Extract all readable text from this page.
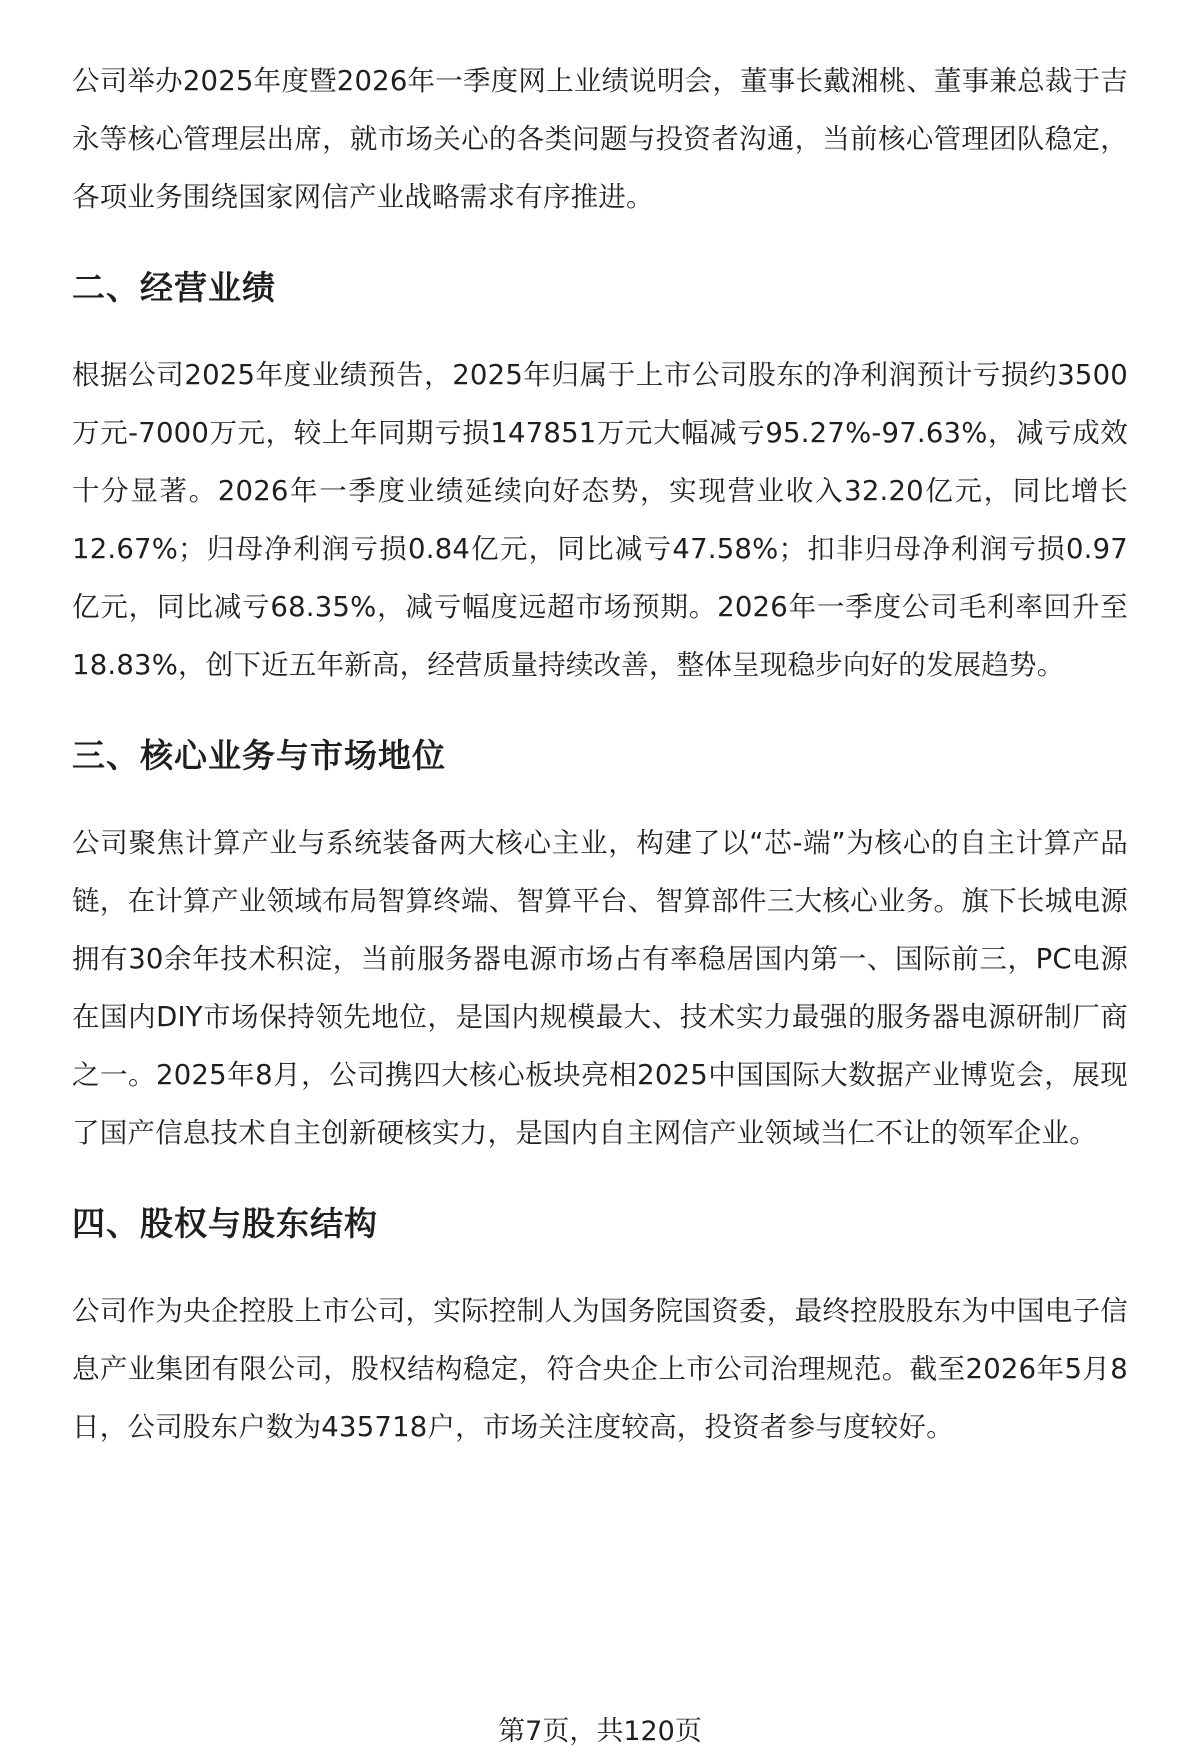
公司举办2025年度暨2026年一季度网上业绩说明会，董事长戴湘桃、董事兼总裁于吉永等核心管理层出席，就市场关心的各类问题与投资者沟通，当前核心管理团队稳定，各项业务围绕国家网信产业战略需求有序推进。

二、经营业绩

根据公司2025年度业绩预告，2025年归属于上市公司股东的净利润预计亏损约3500万元-7000万元，较上年同期亏损147851万元大幅减亏95.27%-97.63%，减亏成效十分显著。2026年一季度业绩延续向好态势，实现营业收入32.20亿元，同比增长12.67%；归母净利润亏损0.84亿元，同比减亏47.58%；扣非归母净利润亏损0.97亿元，同比减亏68.35%，减亏幅度远超市场预期。2026年一季度公司毛利率回升至18.83%，创下近五年新高，经营质量持续改善，整体呈现稳步向好的发展趋势。

三、核心业务与市场地位

公司聚焦计算产业与系统装备两大核心主业，构建了以“芯-端”为核心的自主计算产品链，在计算产业领域布局智算终端、智算平台、智算部件三大核心业务。旗下长城电源拥有30余年技术积淀，当前服务器电源市场占有率稳居国内第一、国际前三，PC电源在国内DIY市场保持领先地位，是国内规模最大、技术实力最强的服务器电源研制厂商之一。2025年8月，公司携四大核心板块亮相2025中国国际大数据产业博览会，展现了国产信息技术自主创新硬核实力，是国内自主网信产业领域当仁不让的领军企业。

四、股权与股东结构

公司作为央企控股上市公司，实际控制人为国务院国资委，最终控股股东为中国电子信息产业集团有限公司，股权结构稳定，符合央企上市公司治理规范。截至2026年5月8日，公司股东户数为435718户，市场关注度较高，投资者参与度较好。

第7页，共120页
